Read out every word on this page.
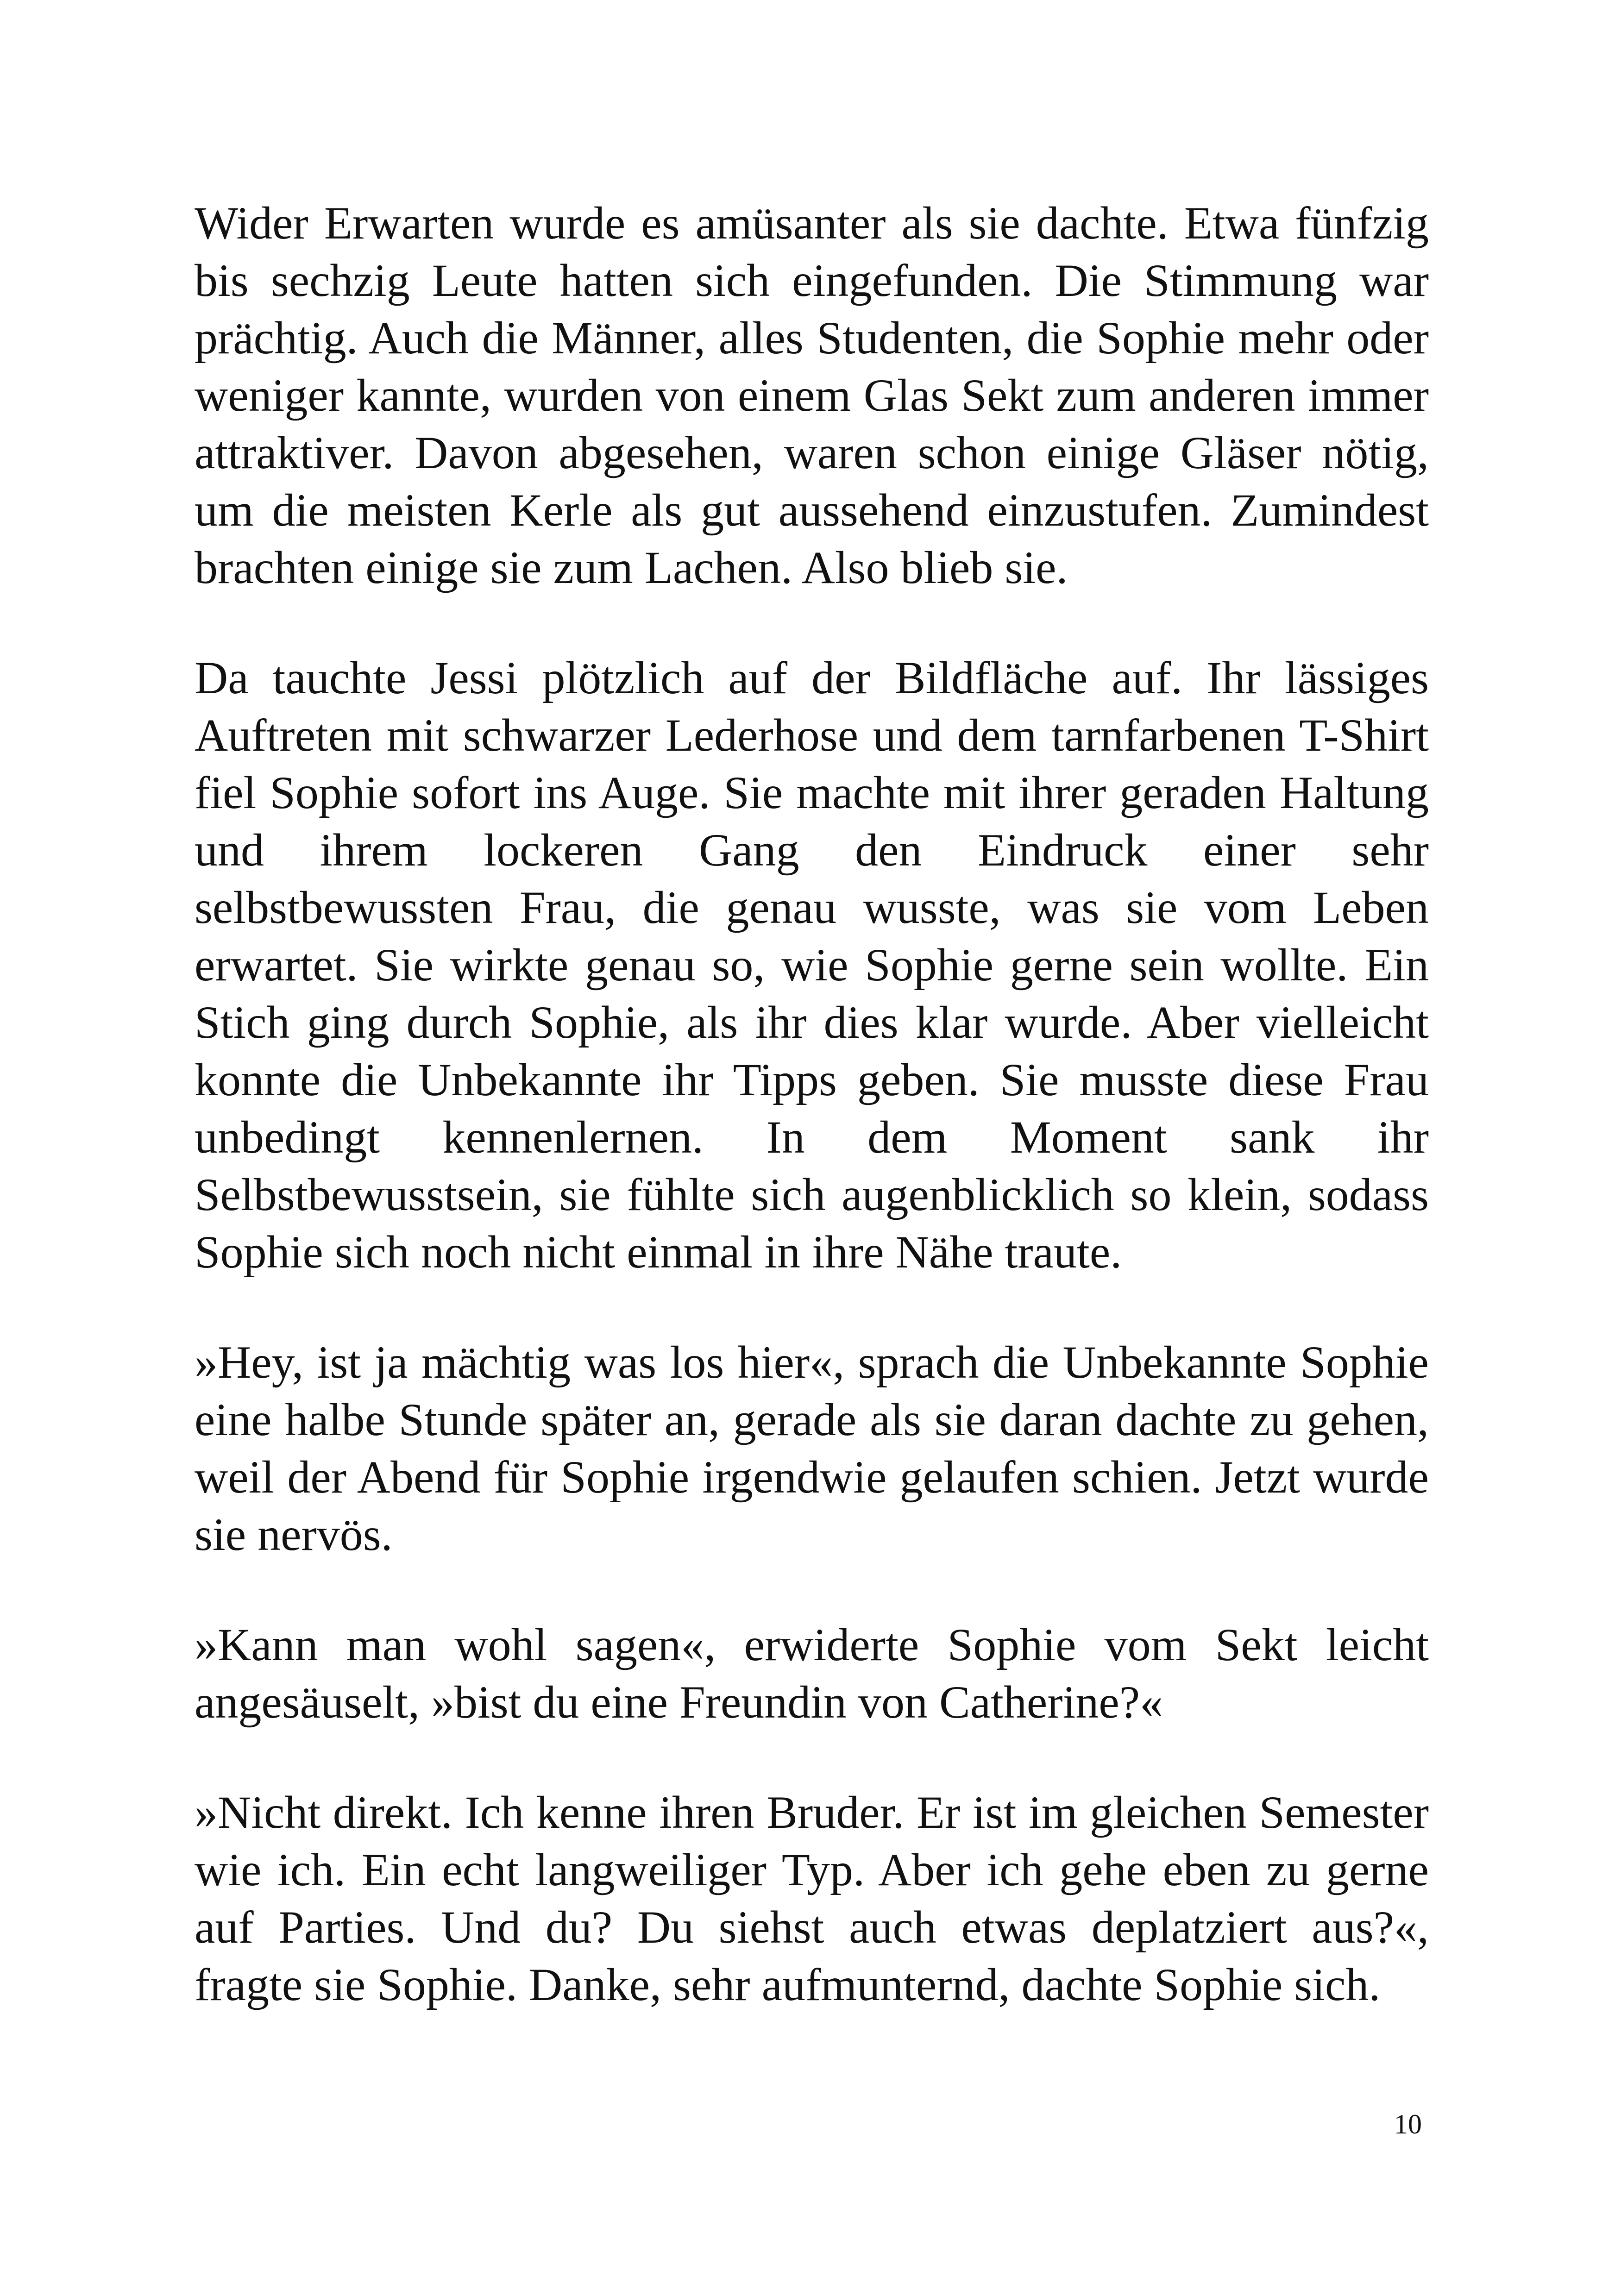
Wider Erwarten wurde es amüsanter als sie dachte. Etwa fünfzig bis sechzig Leute hatten sich eingefunden. Die Stimmung war prächtig. Auch die Männer, alles Studenten, die Sophie mehr oder weniger kannte, wurden von einem Glas Sekt zum anderen immer attraktiver. Davon abgesehen, waren schon einige Gläser nötig, um die meisten Kerle als gut aussehend einzustufen. Zumindest brachten einige sie zum Lachen. Also blieb sie.

Da tauchte Jessi plötzlich auf der Bildfläche auf. Ihr lässiges Auftreten mit schwarzer Lederhose und dem tarnfarbenen T-Shirt fiel Sophie sofort ins Auge. Sie machte mit ihrer geraden Haltung und ihrem lockeren Gang den Eindruck einer sehr selbstbewussten Frau, die genau wusste, was sie vom Leben erwartet. Sie wirkte genau so, wie Sophie gerne sein wollte. Ein Stich ging durch Sophie, als ihr dies klar wurde. Aber vielleicht konnte die Unbekannte ihr Tipps geben. Sie musste diese Frau unbedingt kennenlernen. In dem Moment sank ihr Selbstbewusstsein, sie fühlte sich augenblicklich so klein, sodass Sophie sich noch nicht einmal in ihre Nähe traute.

»Hey, ist ja mächtig was los hier«, sprach die Unbekannte Sophie eine halbe Stunde später an, gerade als sie daran dachte zu gehen, weil der Abend für Sophie irgendwie gelaufen schien. Jetzt wurde sie nervös.

»Kann man wohl sagen«, erwiderte Sophie vom Sekt leicht angesäuselt, »bist du eine Freundin von Catherine?«

»Nicht direkt. Ich kenne ihren Bruder. Er ist im gleichen Semester wie ich. Ein echt langweiliger Typ. Aber ich gehe eben zu gerne auf Parties. Und du? Du siehst auch etwas deplatziert aus?«, fragte sie Sophie. Danke, sehr aufmunternd, dachte Sophie sich.

10
